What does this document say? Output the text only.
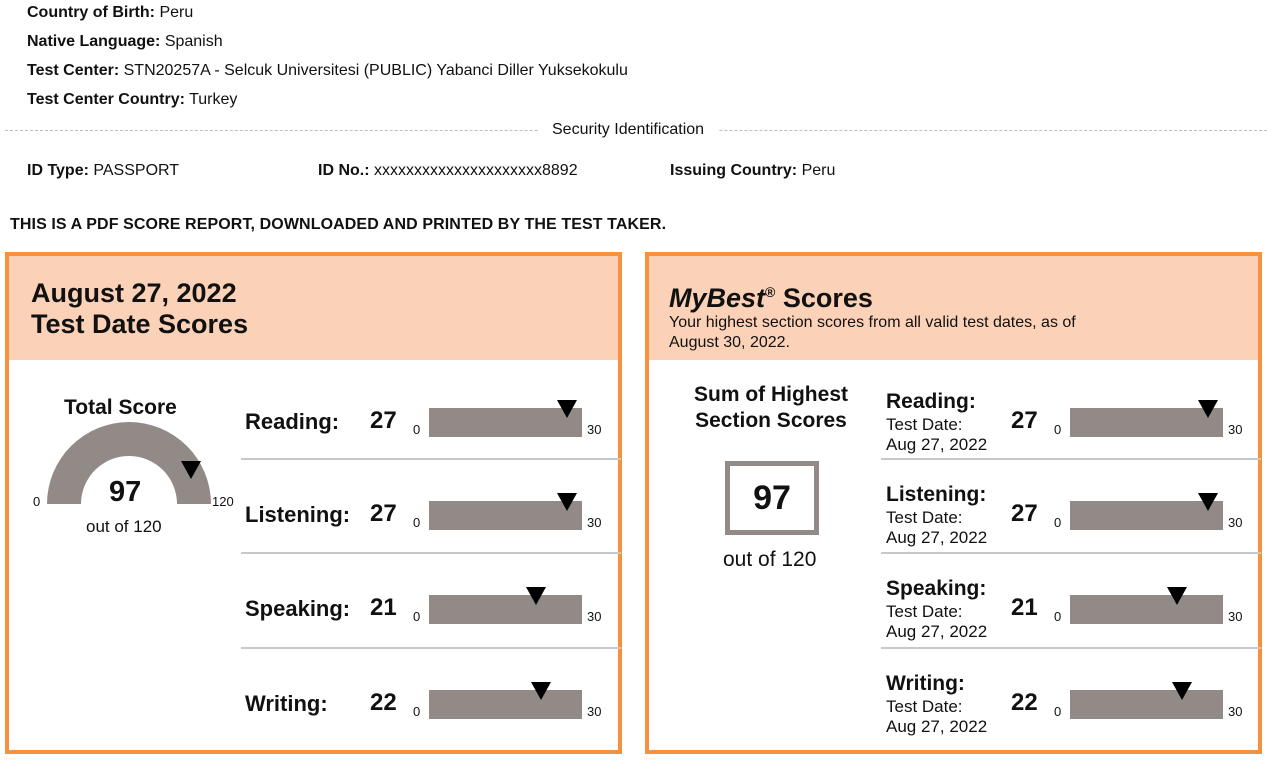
Country of Birth: Peru
Native Language: Spanish
Test Center: STN20257A - Selcuk Universitesi (PUBLIC) Yabanci Diller Yuksekokulu
Test Center Country: Turkey
Security Identification
ID Type: PASSPORT	ID No.: xxxxxxxxxxxxxxxxxxxxx8892	Issuing Country: Peru
THIS IS A PDF SCORE REPORT, DOWNLOADED AND PRINTED BY THE TEST TAKER.
August 27, 2022
Test Date Scores
Total Score
97
0	120
out of 120
Reading: 27 0	30
Listening: 27 0	30
Speaking: 21 0	30
Writing: 22 0	30
MyBest® Scores
Your highest section scores from all valid test dates, as of August 30, 2022.
Sum of Highest
Section Scores
97
out of 120
Reading:
Test Date:
Aug 27, 2022
27 0	30
Listening:
Test Date:
Aug 27, 2022
27 0	30
Speaking:
Test Date:
Aug 27, 2022
21 0	30
Writing:
Test Date:
Aug 27, 2022
22 0	30
